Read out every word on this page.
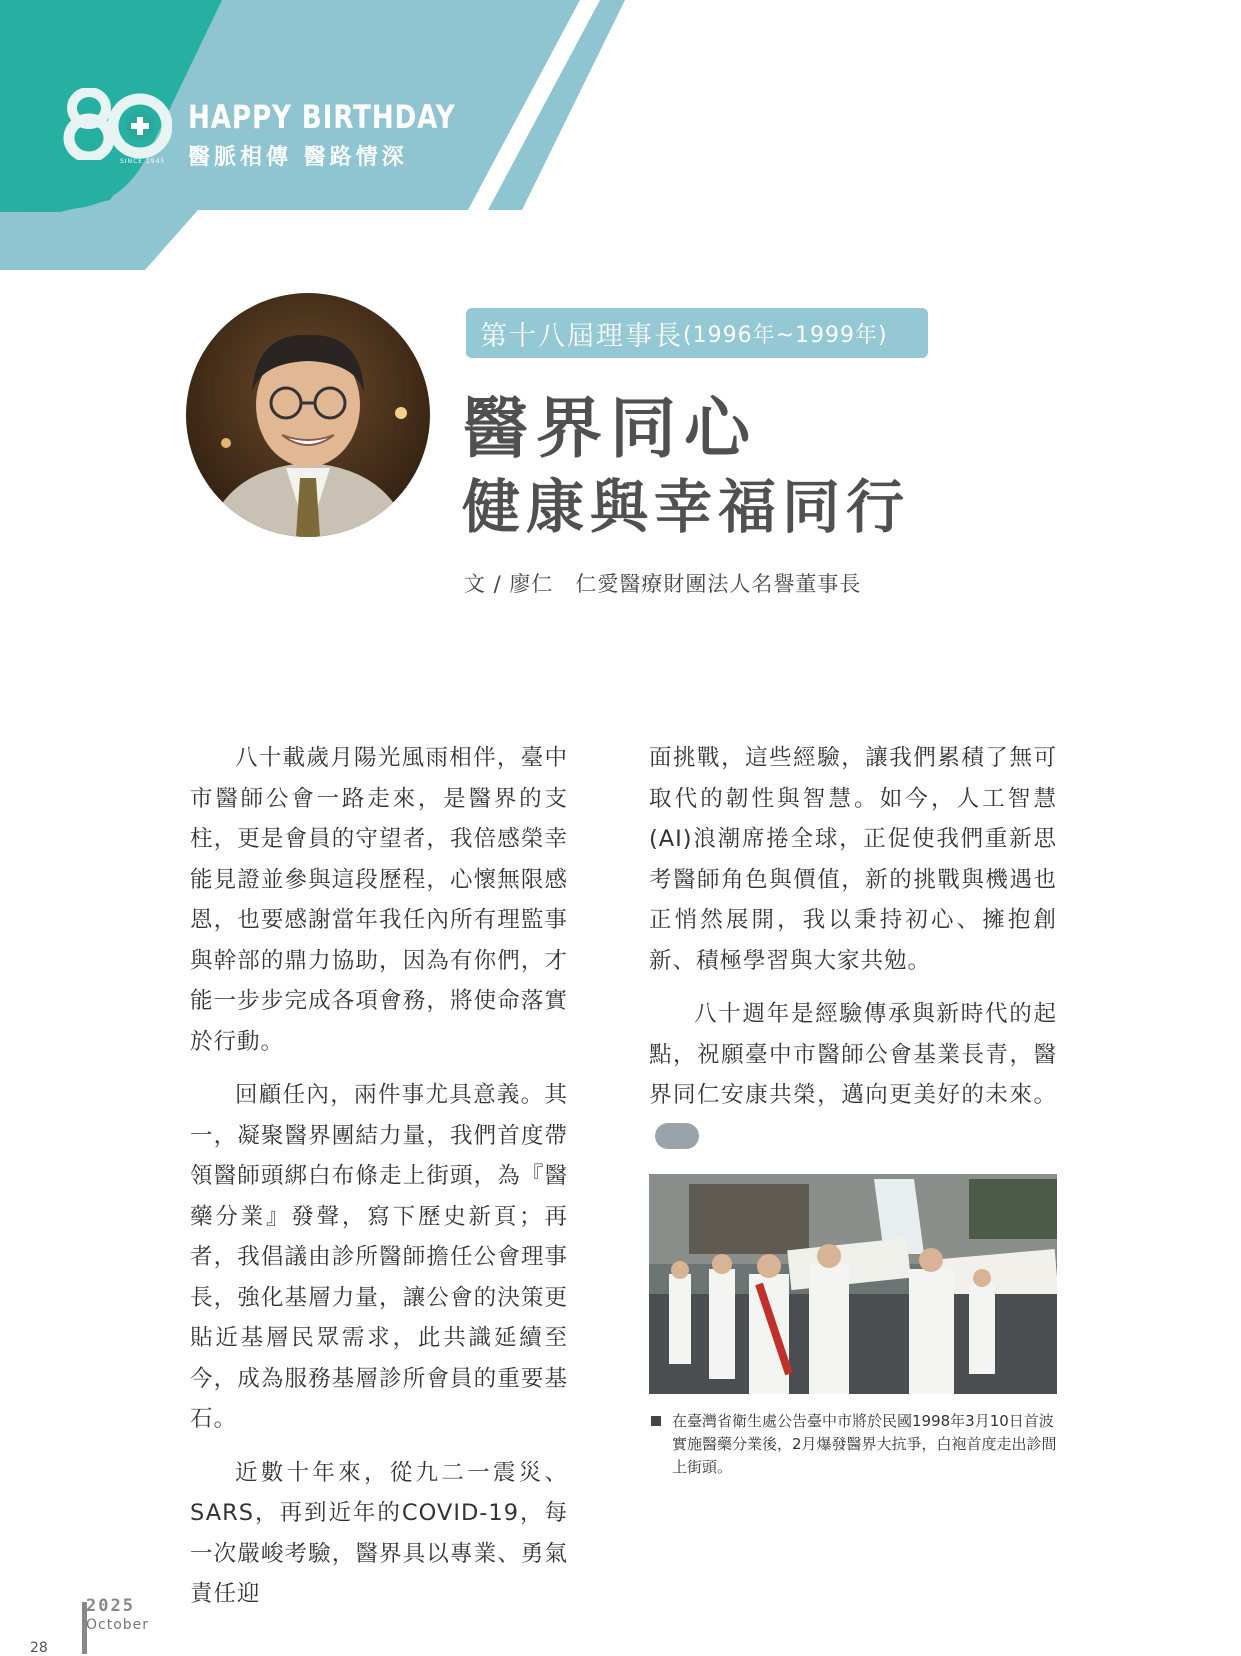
SINCE 1945
HAPPY BIRTHDAY
醫脈相傳 醫路情深
第十八屆理事長 (1996年~1999年)
醫界同心
健康與幸福同行
文 / 廖仁　仁愛醫療財團法人名譽董事長

八十載歲月陽光風雨相伴，臺中市醫師公會一路走來，是醫界的支柱，更是會員的守望者，我倍感榮幸能見證並參與這段歷程，心懷無限感恩，也要感謝當年我任內所有理監事與幹部的鼎力協助，因為有你們，才能一步步完成各項會務，將使命落實於行動。

回顧任內，兩件事尤具意義。其一，凝聚醫界團結力量，我們首度帶領醫師頭綁白布條走上街頭，為『醫藥分業』發聲，寫下歷史新頁；再者，我倡議由診所醫師擔任公會理事長，強化基層力量，讓公會的決策更貼近基層民眾需求，此共識延續至今，成為服務基層診所會員的重要基石。

近數十年來，從九二一震災、SARS，再到近年的COVID-19，每一次嚴峻考驗，醫界具以專業、勇氣責任迎

面挑戰，這些經驗，讓我們累積了無可取代的韌性與智慧。如今，人工智慧(AI)浪潮席捲全球，正促使我們重新思考醫師角色與價值，新的挑戰與機遇也正悄然展開，我以秉持初心、擁抱創新、積極學習與大家共勉。

八十週年是經驗傳承與新時代的起點，祝願臺中市醫師公會基業長青，醫界同仁安康共榮，邁向更美好的未來。
»»

在臺灣省衛生處公告臺中市將於民國1998年3月10日首波實施醫藥分業後，2月爆發醫界大抗爭，白袍首度走出診間上街頭。
28
2025
October
